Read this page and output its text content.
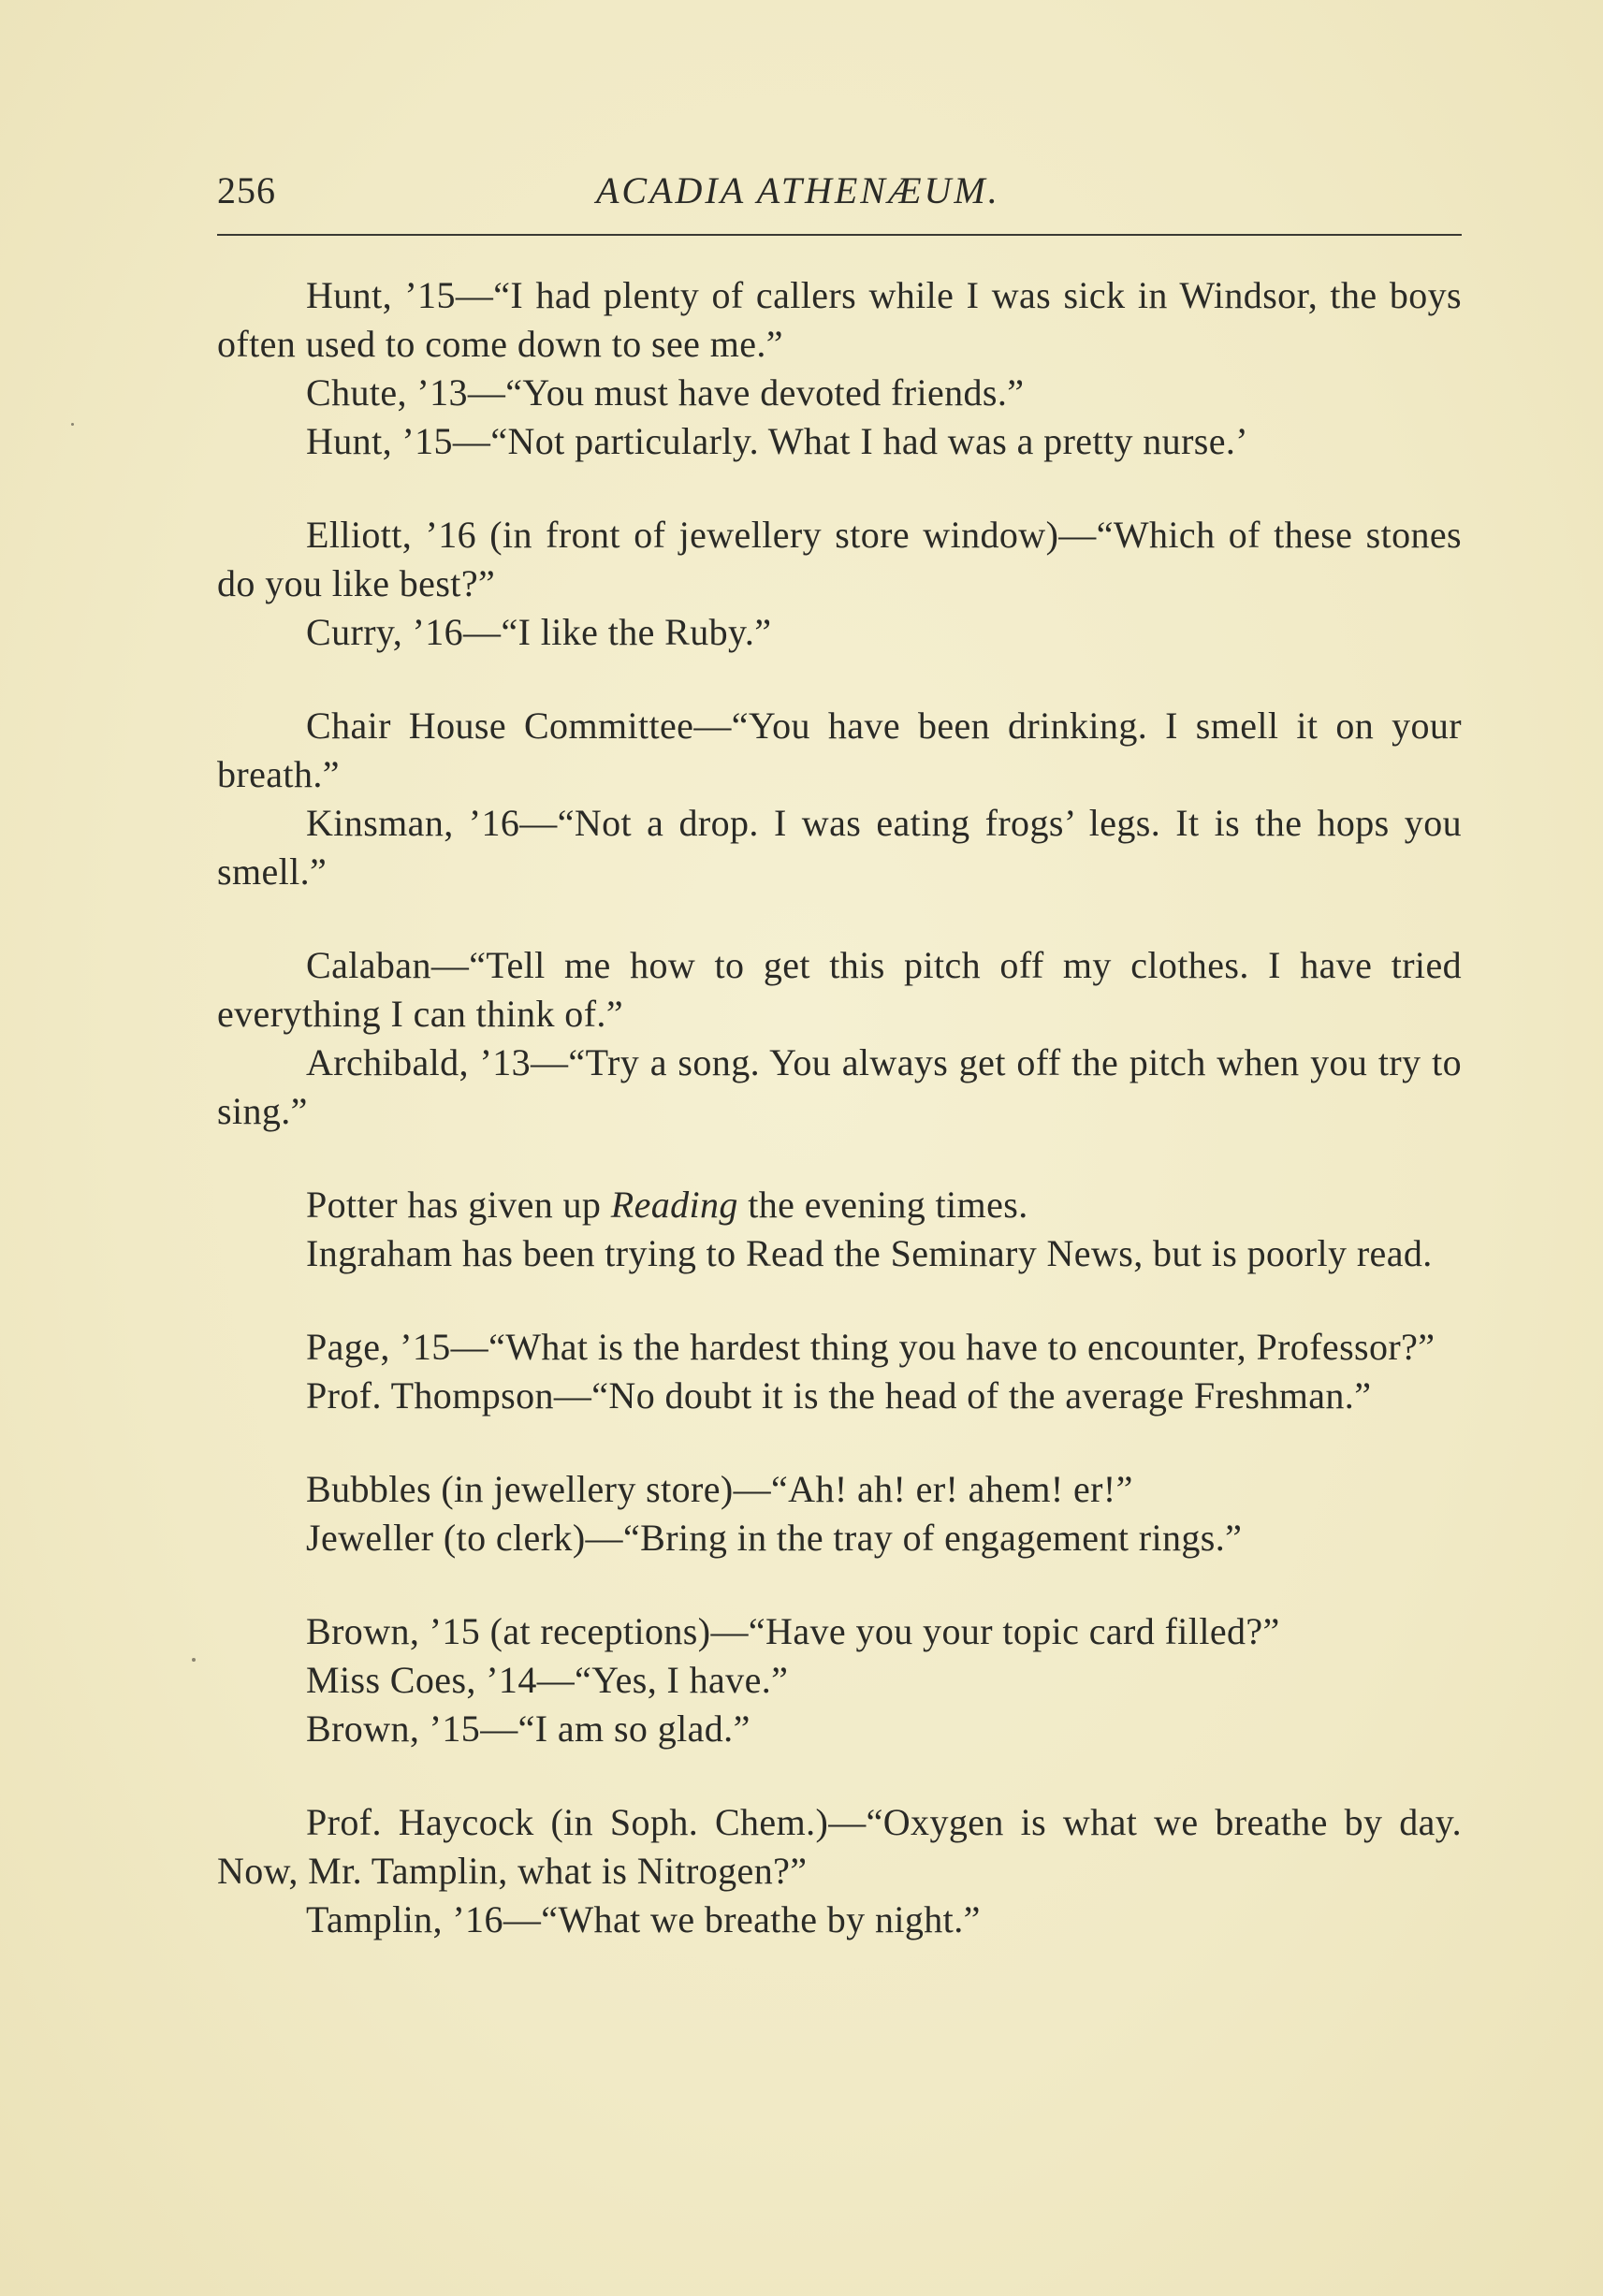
256	ACADIA ATHENÆUM.

Hunt, ’15—“I had plenty of callers while I was sick in Windsor, the boys often used to come down to see me.”

Chute, ’13—“You must have devoted friends.”

Hunt, ’15—“Not particularly. What I had was a pretty nurse.’

Elliott, ’16 (in front of jewellery store window)—“Which of these stones do you like best?”

Curry, ’16—“I like the Ruby.”

Chair House Committee—“You have been drinking. I smell it on your breath.”

Kinsman, ’16—“Not a drop. I was eating frogs’ legs. It is the hops you smell.”

Calaban—“Tell me how to get this pitch off my clothes. I have tried everything I can think of.”

Archibald, ’13—“Try a song. You always get off the pitch when you try to sing.”

Potter has given up Reading the evening times.

Ingraham has been trying to Read the Seminary News, but is poorly read.

Page, ’15—“What is the hardest thing you have to encounter, Professor?”

Prof. Thompson—“No doubt it is the head of the average Freshman.”

Bubbles (in jewellery store)—“Ah! ah! er! ahem! er!”

Jeweller (to clerk)—“Bring in the tray of engagement rings.”

Brown, ’15 (at receptions)—“Have you your topic card filled?”

Miss Coes, ’14—“Yes, I have.”

Brown, ’15—“I am so glad.”

Prof. Haycock (in Soph. Chem.)—“Oxygen is what we breathe by day. Now, Mr. Tamplin, what is Nitrogen?”

Tamplin, ’16—“What we breathe by night.”
